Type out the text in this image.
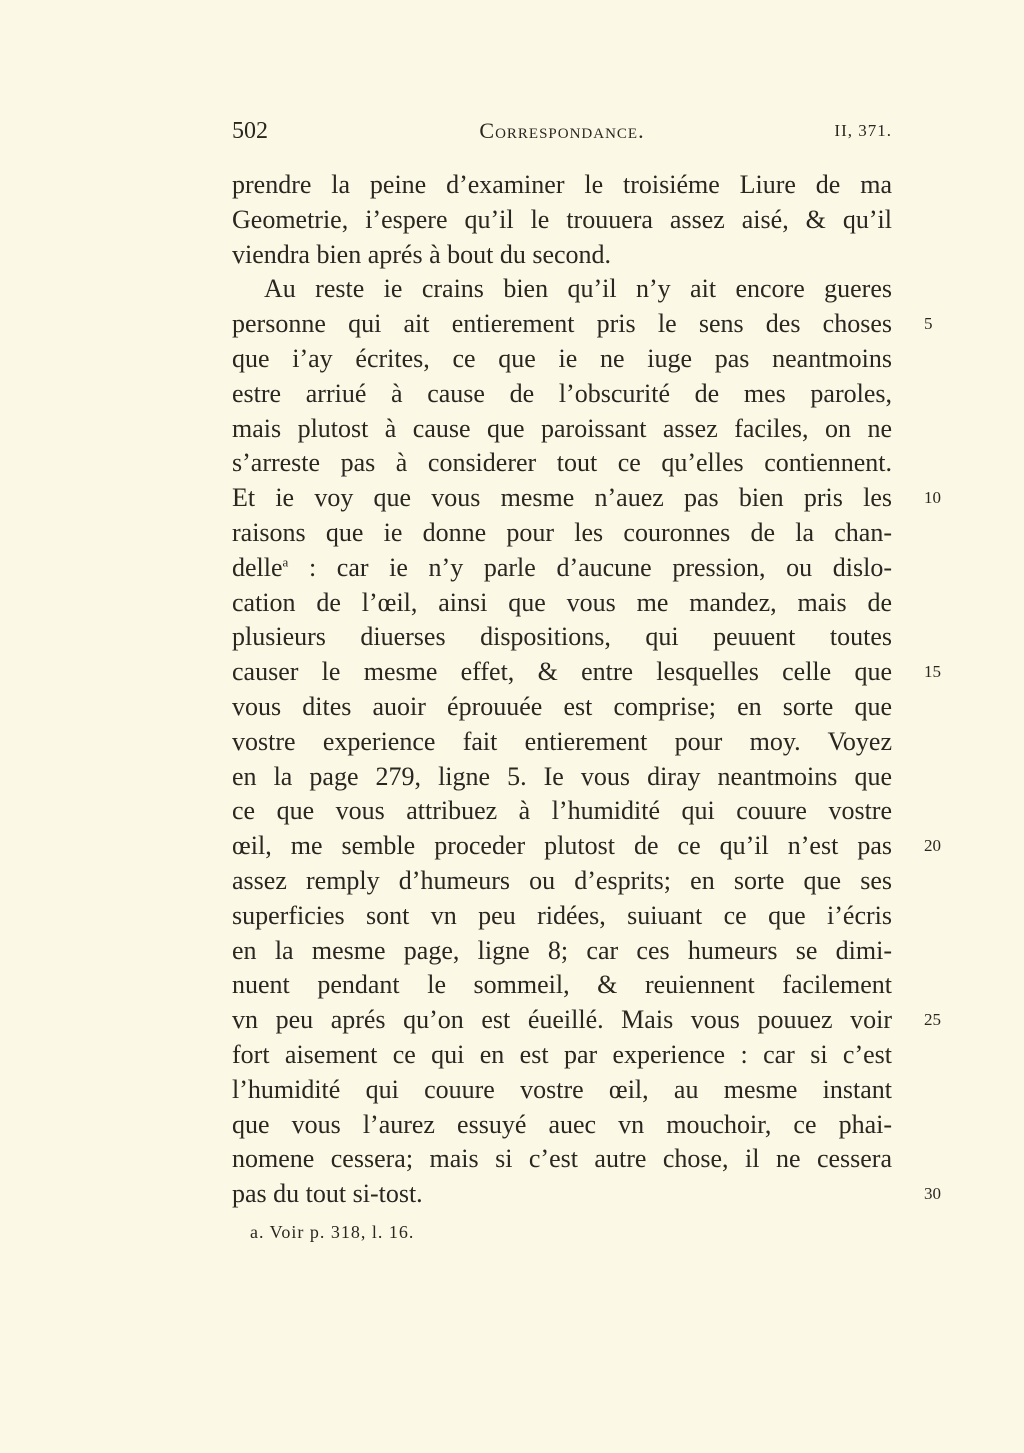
502	Correspondance.	II, 371.
prendre la peine d’examiner le troisiéme Liure de ma
Geometrie, i’espere qu’il le trouuera assez aisé, & qu’il
viendra bien aprés à bout du second.
Au reste ie crains bien qu’il n’y ait encore gueres
personne qui ait entierement pris le sens des choses 5
que i’ay écrites, ce que ie ne iuge pas neantmoins
estre arriué à cause de l’obscurité de mes paroles,
mais plutost à cause que paroissant assez faciles, on ne
s’arreste pas à considerer tout ce qu’elles contiennent.
Et ie voy que vous mesme n’auez pas bien pris les 10
raisons que ie donne pour les couronnes de la chan-
delle$^a$ : car ie n’y parle d’aucune pression, ou dislo-
cation de l’œil, ainsi que vous me mandez, mais de
plusieurs diuerses dispositions, qui peuuent toutes
causer le mesme effet, & entre lesquelles celle que 15
vous dites auoir éprouuée est comprise; en sorte que
vostre experience fait entierement pour moy. Voyez
en la page 279, ligne 5. Ie vous diray neantmoins que
ce que vous attribuez à l’humidité qui couure vostre
œil, me semble proceder plutost de ce qu’il n’est pas 20
assez remply d’humeurs ou d’esprits; en sorte que ses
superficies sont vn peu ridées, suiuant ce que i’écris
en la mesme page, ligne 8; car ces humeurs se dimi-
nuent pendant le sommeil, & reuiennent facilement
vn peu aprés qu’on est éueillé. Mais vous pouuez voir 25
fort aisement ce qui en est par experience : car si c’est
l’humidité qui couure vostre œil, au mesme instant
que vous l’aurez essuyé auec vn mouchoir, ce phai-
nomene cessera; mais si c’est autre chose, il ne cessera
pas du tout si-tost.	30
a. Voir p. 318, l. 16.
